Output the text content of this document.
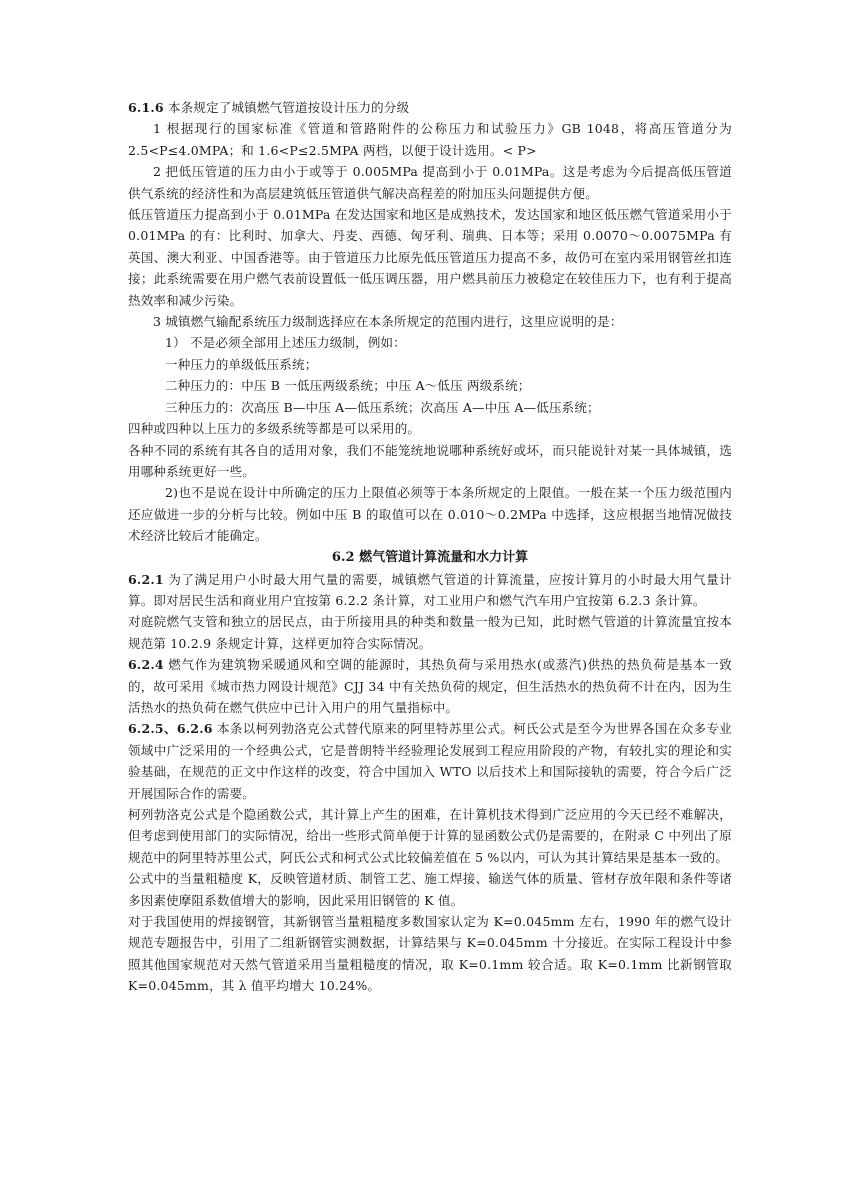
6.1.6 本条规定了城镇燃气管道按设计压力的分级

1 根据现行的国家标准《管道和管路附件的公称压力和试验压力》GB 1048，将高压管道分为 2.5<P≤4.0MPA；和 1.6<P≤2.5MPA 两档，以便于设计选用。< P>

2 把低压管道的压力由小于或等于 0.005MPa 提高到小于 0.01MPa。这是考虑为今后提高低压管道供气系统的经济性和为高层建筑低压管道供气解决高程差的附加压头问题提供方便。

低压管道压力提高到小于 0.01MPa 在发达国家和地区是成熟技术，发达国家和地区低压燃气管道采用小于 0.01MPa 的有：比利时、加拿大、丹麦、西德、匈牙利、瑞典、日本等；采用 0.0070～0.0075MPa 有英国、澳大利亚、中国香港等。由于管道压力比原先低压管道压力提高不多，故仍可在室内采用钢管丝扣连接；此系统需要在用户燃气表前设置低一低压调压器，用户燃具前压力被稳定在较佳压力下，也有利于提高热效率和减少污染。

3 城镇燃气输配系统压力级制选择应在本条所规定的范围内进行，这里应说明的是：

1） 不是必须全部用上述压力级制，例如：

一种压力的单级低压系统；

二种压力的：中压 B 一低压两级系统；中压 A～低压 两级系统；

三种压力的：次高压 B—中压 A—低压系统；次高压 A—中压 A—低压系统；

四种或四种以上压力的多级系统等都是可以采用的。

各种不同的系统有其各自的适用对象，我们不能笼统地说哪种系统好或坏，而只能说针对某一具体城镇，选用哪种系统更好一些。

2)也不是说在设计中所确定的压力上限值必须等于本条所规定的上限值。一般在某一个压力级范围内还应做进一步的分析与比较。例如中压 B 的取值可以在 0.010～0.2MPa 中选择，这应根据当地情况做技术经济比较后才能确定。

6.2 燃气管道计算流量和水力计算

6.2.1 为了满足用户小时最大用气量的需要，城镇燃气管道的计算流量，应按计算月的小时最大用气量计算。即对居民生活和商业用户宜按第 6.2.2 条计算，对工业用户和燃气汽车用户宜按第 6.2.3 条计算。

对庭院燃气支管和独立的居民点，由于所接用具的种类和数量一般为已知，此时燃气管道的计算流量宜按本规范第 10.2.9 条规定计算，这样更加符合实际情况。

6.2.4 燃气作为建筑物采暖通风和空调的能源时，其热负荷与采用热水(或蒸汽)供热的热负荷是基本一致的，故可采用《城市热力网设计规范》CJJ 34 中有关热负荷的规定，但生活热水的热负荷不计在内，因为生活热水的热负荷在燃气供应中已计入用户的用气量指标中。

6.2.5、6.2.6 本条以柯列勃洛克公式替代原来的阿里特苏里公式。柯氏公式是至今为世界各国在众多专业领域中广泛采用的一个经典公式，它是普朗特半经验理论发展到工程应用阶段的产物，有较扎实的理论和实验基础，在规范的正文中作这样的改变，符合中国加入 WTO 以后技术上和国际接轨的需要，符合今后广泛开展国际合作的需要。

柯列勃洛克公式是个隐函数公式，其计算上产生的困难，在计算机技术得到广泛应用的今天已经不难解决，但考虑到使用部门的实际情况，给出一些形式简单便于计算的显函数公式仍是需要的，在附录 C 中列出了原规范中的阿里特苏里公式，阿氏公式和柯式公式比较偏差值在 5 %以内，可认为其计算结果是基本一致的。

公式中的当量粗糙度 K，反映管道材质、制管工艺、施工焊接、输送气体的质量、管材存放年限和条件等诸多因素使摩阻系数值增大的影响，因此采用旧钢管的 K 值。

对于我国使用的焊接钢管，其新钢管当量粗糙度多数国家认定为 K=0.045mm 左右，1990 年的燃气设计规范专题报告中，引用了二组新钢管实测数据，计算结果与 K=0.045mm 十分接近。在实际工程设计中参照其他国家规范对天然气管道采用当量粗糙度的情况，取 K=0.1mm 较合适。取 K=0.1mm 比新钢管取 K=0.045mm，其 λ 值平均增大 10.24%。
